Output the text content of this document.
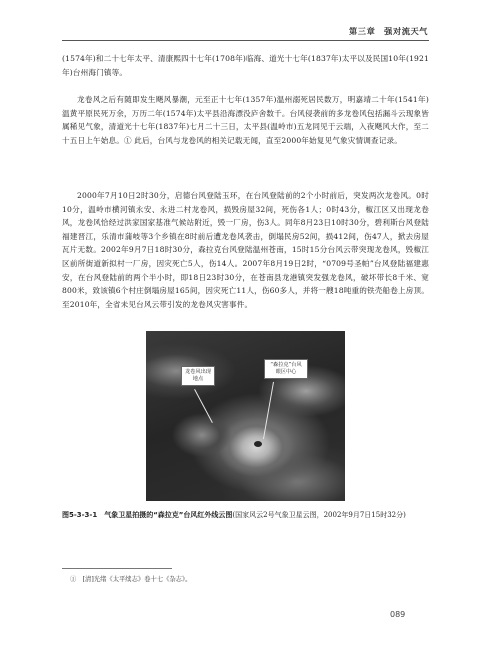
第三章　强对流天气

(1574年)和二十七年太平、清康熙四十七年(1708年)临海、道光十七年(1837年)太平以及民国10年(1921年)台州海门镇等。

龙卷风之后有随即发生飓风暴潮，元至正十七年(1357年)温州溺死居民数万，明嘉靖二十年(1541年)温黄平原民死万余，万历二年(1574年)太平县沿海漂没庐舍数千。台风侵袭前的多龙卷风包括漏斗云现象皆属稀见气象，清道光十七年(1837年)七月二十三日，太平县(温岭市)五龙同见于云端，入夜飓风大作，至二十五日上午始息。① 此后，台风与龙卷风的相关记载无闻，直至2000年始复见气象灾情调查记录。

2000年7月10日2时30分，启德台风登陆玉环，在台风登陆前的2个小时前后，突发两次龙卷风。0时10分，温岭市横河镇永安、永进二村龙卷风，损毁房屋32间，死伤各1人；0时43分，椒江区又出现龙卷风，龙卷风恰经过洪家国家基准气候站附近，毁一厂房，伤3人。同年8月23日10时30分，碧利斯台风登陆福建晋江，乐清市蒲岐等3个乡镇在8时前后遭龙卷风袭击，倒塌民房52间，损412间，伤47人，掀去房屋瓦片无数。2002年9月7日18时30分，森拉克台风登陆温州苍南，15时15分台风云带突现龙卷风，毁椒江区前所街道新拟村一厂房，因灾死亡5人，伤14人。2007年8月19日2时，“0709号圣帕”台风登陆福建惠安，在台风登陆前的两个半小时，即18日23时30分，在苍南县龙港镇突发强龙卷风，破坏带长8千米、宽800米，致该镇6个村庄倒塌房屋165间，因灾死亡11人，伤60多人，并将一艘18吨重的铁壳船卷上房顶。至2010年，全省未见台风云带引发的龙卷风灾害事件。

龙卷风出现地点
“森拉克”台风眼区中心
图5-3-3-1　气象卫星拍摄的“森拉克”台风红外线云图(国家风云2号气象卫星云图，2002年9月7日15时32分)
①　[清]光绪《太平续志》卷十七《杂志》。
089
